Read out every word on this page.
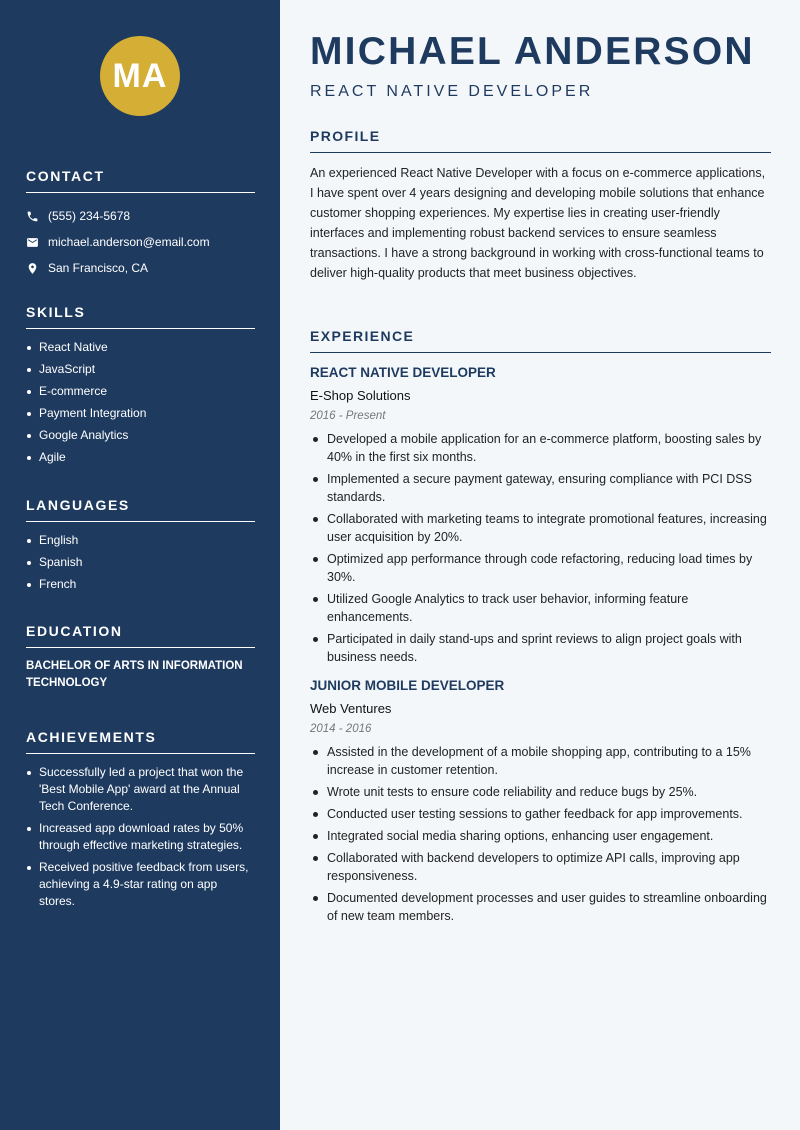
MA
CONTACT
(555) 234-5678
michael.anderson@email.com
San Francisco, CA
SKILLS
React Native
JavaScript
E-commerce
Payment Integration
Google Analytics
Agile
LANGUAGES
English
Spanish
French
EDUCATION
BACHELOR OF ARTS IN INFORMATION TECHNOLOGY
ACHIEVEMENTS
Successfully led a project that won the 'Best Mobile App' award at the Annual Tech Conference.
Increased app download rates by 50% through effective marketing strategies.
Received positive feedback from users, achieving a 4.9-star rating on app stores.
MICHAEL ANDERSON
REACT NATIVE DEVELOPER
PROFILE

An experienced React Native Developer with a focus on e-commerce applications, I have spent over 4 years designing and developing mobile solutions that enhance customer shopping experiences. My expertise lies in creating user-friendly interfaces and implementing robust backend services to ensure seamless transactions. I have a strong background in working with cross-functional teams to deliver high-quality products that meet business objectives.

EXPERIENCE
REACT NATIVE DEVELOPER
E-Shop Solutions
2016 - Present
Developed a mobile application for an e-commerce platform, boosting sales by 40% in the first six months.
Implemented a secure payment gateway, ensuring compliance with PCI DSS standards.
Collaborated with marketing teams to integrate promotional features, increasing user acquisition by 20%.
Optimized app performance through code refactoring, reducing load times by 30%.
Utilized Google Analytics to track user behavior, informing feature enhancements.
Participated in daily stand-ups and sprint reviews to align project goals with business needs.
JUNIOR MOBILE DEVELOPER
Web Ventures
2014 - 2016
Assisted in the development of a mobile shopping app, contributing to a 15% increase in customer retention.
Wrote unit tests to ensure code reliability and reduce bugs by 25%.
Conducted user testing sessions to gather feedback for app improvements.
Integrated social media sharing options, enhancing user engagement.
Collaborated with backend developers to optimize API calls, improving app responsiveness.
Documented development processes and user guides to streamline onboarding of new team members.
